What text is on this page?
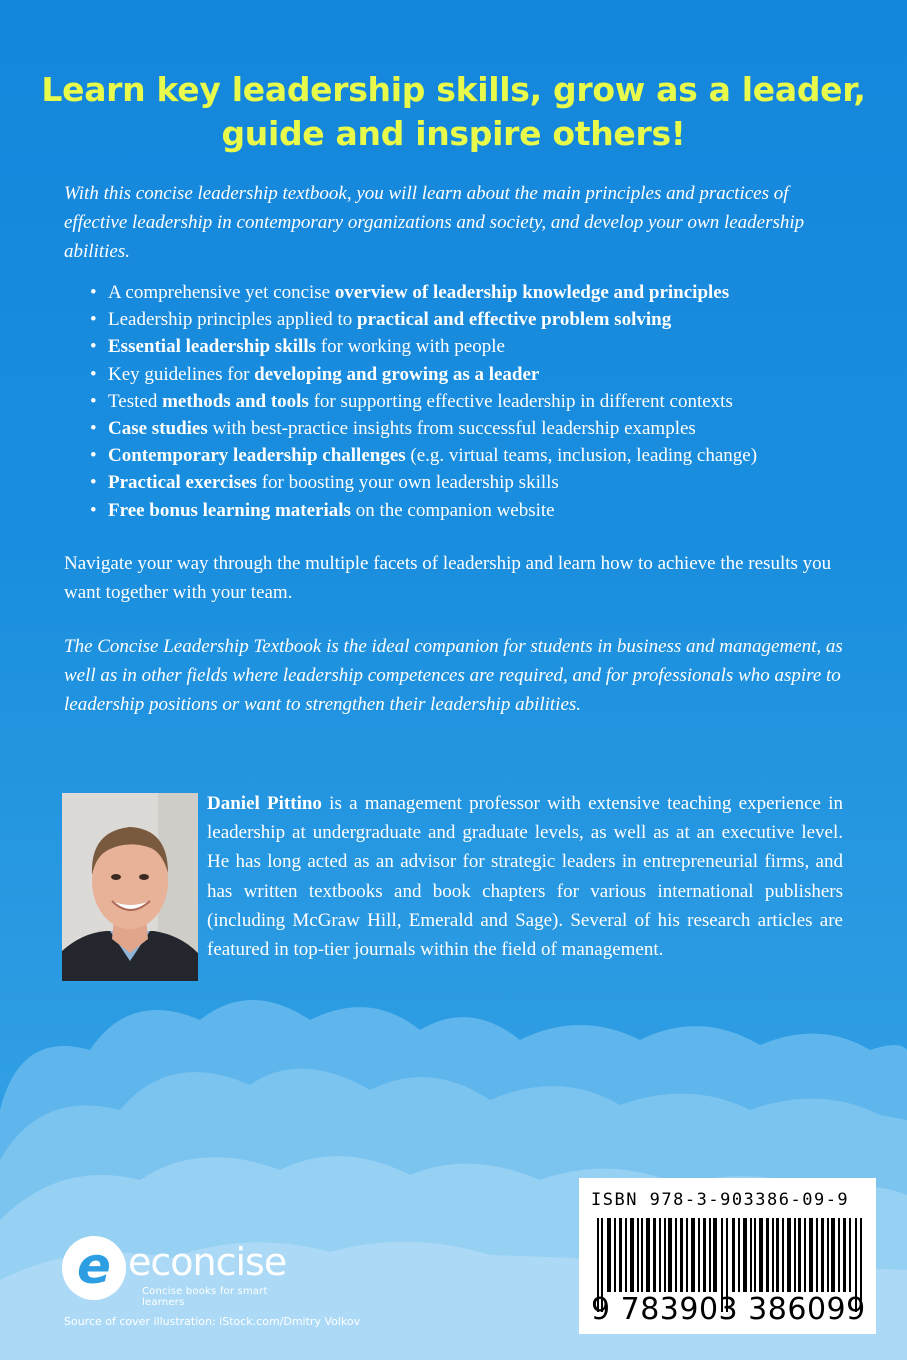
Learn key leadership skills, grow as a leader,
guide and inspire others!

With this concise leadership textbook, you will learn about the main principles and practices of effective leadership in contemporary organizations and society, and develop your own leadership abilities.

• A comprehensive yet concise overview of leadership knowledge and principles
• Leadership principles applied to practical and effective problem solving
• Essential leadership skills for working with people
• Key guidelines for developing and growing as a leader
• Tested methods and tools for supporting effective leadership in different contexts
• Case studies with best-practice insights from successful leadership examples
• Contemporary leadership challenges (e.g. virtual teams, inclusion, leading change)
• Practical exercises for boosting your own leadership skills
• Free bonus learning materials on the companion website

Navigate your way through the multiple facets of leadership and learn how to achieve the results you want together with your team.

The Concise Leadership Textbook is the ideal companion for students in business and management, as well as in other fields where leadership competences are required, and for professionals who aspire to leadership positions or want to strengthen their leadership abilities.

Daniel Pittino is a management professor with extensive teaching experience in leadership at undergraduate and graduate levels, as well as at an executive level. He has long acted as an advisor for strategic leaders in entrepreneurial firms, and has written textbooks and book chapters for various international publishers (including McGraw Hill, Emerald and Sage). Several of his research articles are featured in top-tier journals within the field of management.

e econcise
Concise books for smart learners
Source of cover illustration: iStock.com/Dmitry Volkov
ISBN 978-3-903386-09-9
9 783903 386099
